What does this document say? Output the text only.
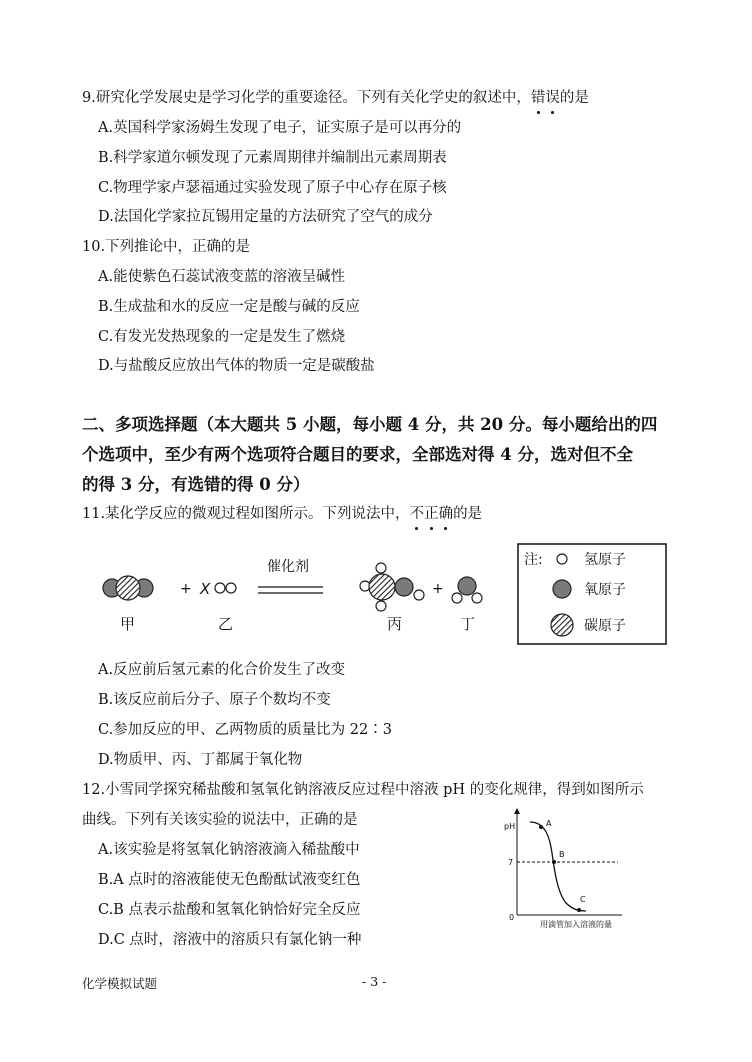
9.研究化学发展史是学习化学的重要途径。下列有关化学史的叙述中，错误的是
A.英国科学家汤姆生发现了电子，证实原子是可以再分的
B.科学家道尔顿发现了元素周期律并编制出元素周期表
C.物理学家卢瑟福通过实验发现了原子中心存在原子核
D.法国化学家拉瓦锡用定量的方法研究了空气的成分
10.下列推论中，正确的是
A.能使紫色石蕊试液变蓝的溶液呈碱性
B.生成盐和水的反应一定是酸与碱的反应
C.有发光发热现象的一定是发生了燃烧
D.与盐酸反应放出气体的物质一定是碳酸盐
二、多项选择题（本大题共 5 小题，每小题 4 分，共 20 分。每小题给出的四
个选项中，至少有两个选项符合题目的要求，全部选对得 4 分，选对但不全
的得 3 分，有选错的得 0 分）
11.某化学反应的微观过程如图所示。下列说法中，不正确的是
甲
+ X
乙
催化剂
丙
+
丁
注:	氢原子
氧原子
碳原子
A.反应前后氢元素的化合价发生了改变
B.该反应前后分子、原子个数均不变
C.参加反应的甲、乙两物质的质量比为 22∶3
D.物质甲、丙、丁都属于氧化物
12.小雪同学探究稀盐酸和氢氧化钠溶液反应过程中溶液 pH 的变化规律，得到如图所示
曲线。下列有关该实验的说法中，正确的是
A.该实验是将氢氧化钠溶液滴入稀盐酸中
B.A 点时的溶液能使无色酚酞试液变红色
C.B 点表示盐酸和氢氧化钠恰好完全反应
D.C 点时，溶液中的溶质只有氯化钠一种
pH
7
0
A
B
C
用滴管加入溶液的量
化学模拟试题	- 3 -
